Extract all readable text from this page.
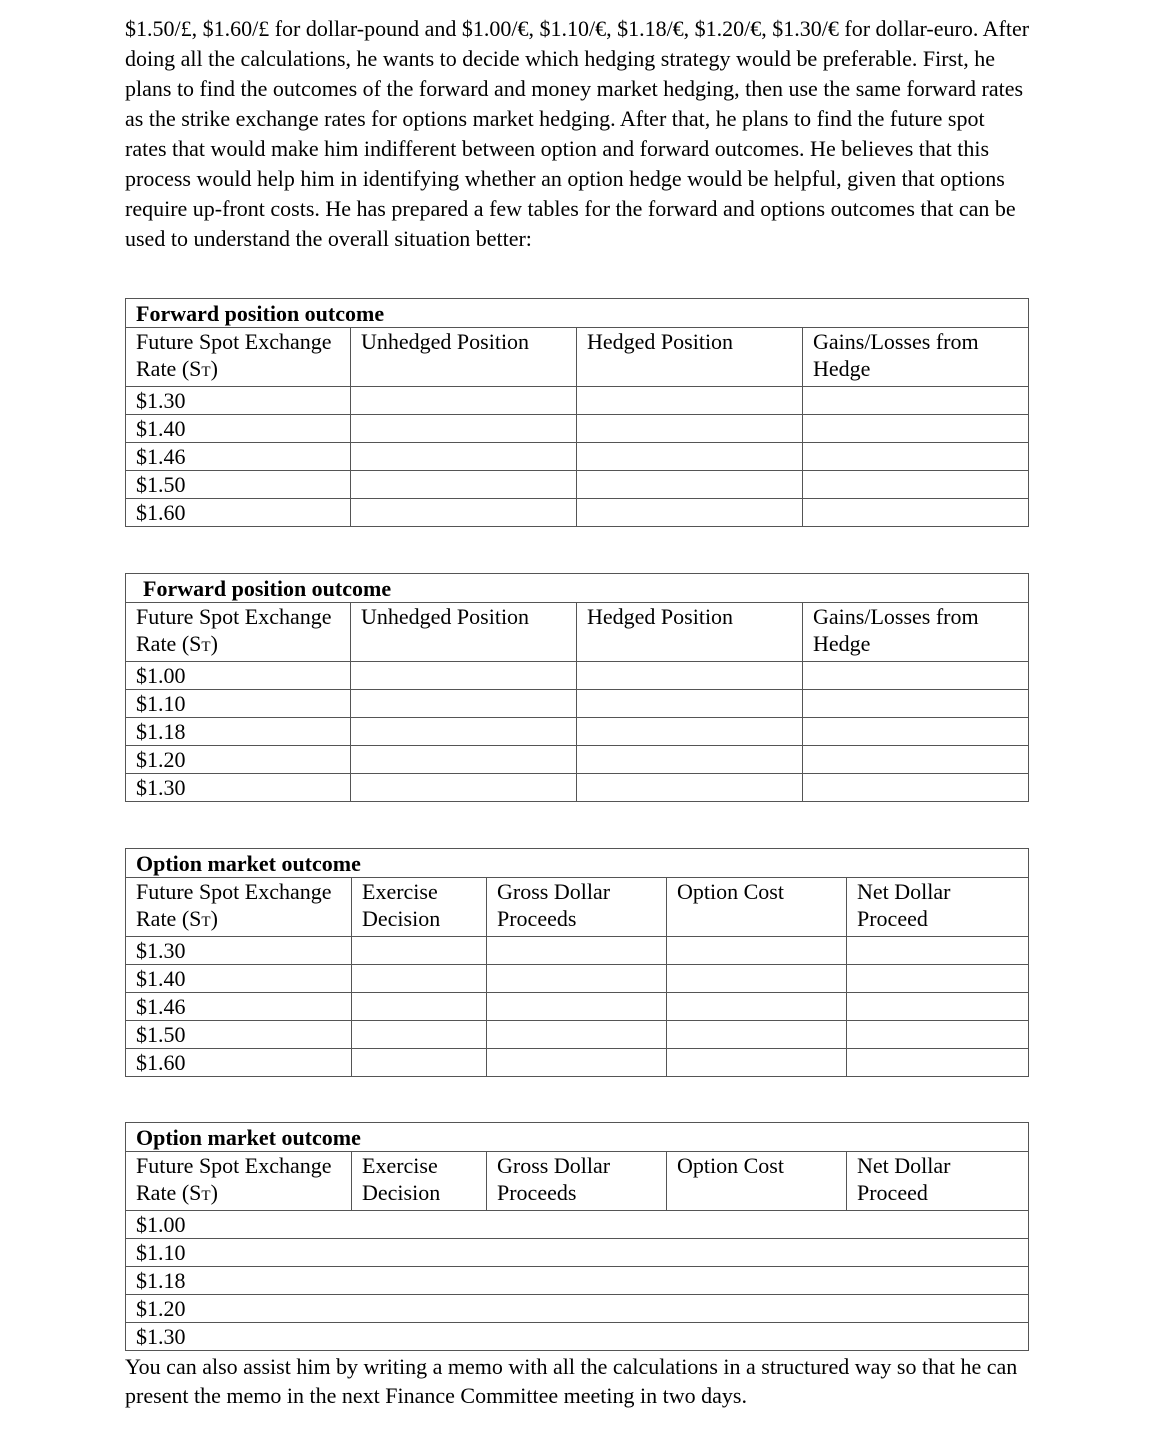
$1.50/£, $1.60/£ for dollar-pound and $1.00/€, $1.10/€, $1.18/€, $1.20/€, $1.30/€ for dollar-euro. After doing all the calculations, he wants to decide which hedging strategy would be preferable. First, he plans to find the outcomes of the forward and money market hedging, then use the same forward rates as the strike exchange rates for options market hedging. After that, he plans to find the future spot rates that would make him indifferent between option and forward outcomes. He believes that this process would help him in identifying whether an option hedge would be helpful, given that options require up-front costs. He has prepared a few tables for the forward and options outcomes that can be used to understand the overall situation better:

Forward position outcome			
Future Spot Exchange Rate (ST)	Unhedged Position	Hedged Position	Gains/Losses from Hedge
$1.30			
$1.40			
$1.46			
$1.50			
$1.60			
Forward position outcome			
Future Spot Exchange Rate (ST)	Unhedged Position	Hedged Position	Gains/Losses from Hedge
$1.00			
$1.10			
$1.18			
$1.20			
$1.30			
Option market outcome				
Future Spot Exchange Rate (ST)	Exercise Decision	Gross Dollar Proceeds	Option Cost	Net Dollar Proceed
$1.30				
$1.40				
$1.46				
$1.50				
$1.60				
Option market outcome				
Future Spot Exchange Rate (ST)	Exercise Decision	Gross Dollar Proceeds	Option Cost	Net Dollar Proceed
$1.00				
$1.10				
$1.18				
$1.20				
$1.30				

You can also assist him by writing a memo with all the calculations in a structured way so that he can present the memo in the next Finance Committee meeting in two days.
